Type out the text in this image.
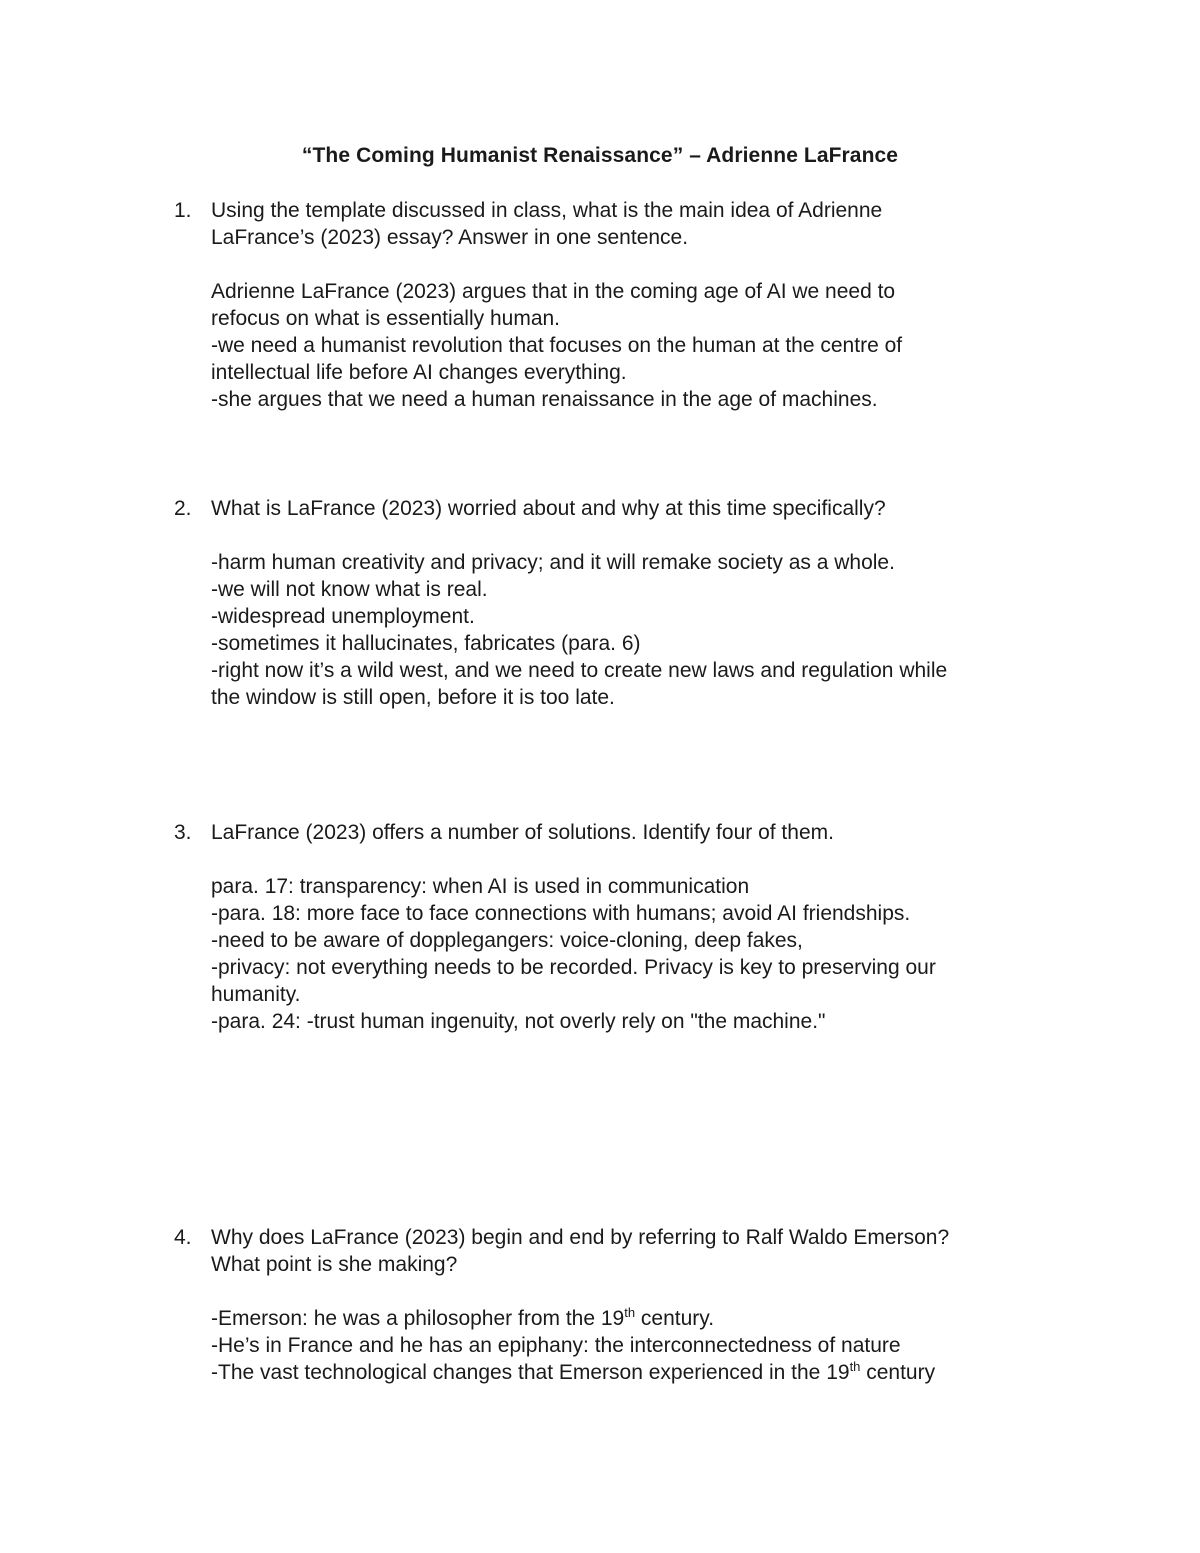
“The Coming Humanist Renaissance” – Adrienne LaFrance
1. Using the template discussed in class, what is the main idea of Adrienne
LaFrance’s (2023) essay? Answer in one sentence.
Adrienne LaFrance (2023) argues that in the coming age of AI we need to
refocus on what is essentially human.
-we need a humanist revolution that focuses on the human at the centre of
intellectual life before AI changes everything.
-she argues that we need a human renaissance in the age of machines.
2. What is LaFrance (2023) worried about and why at this time specifically?
-harm human creativity and privacy; and it will remake society as a whole.
-we will not know what is real.
-widespread unemployment.
-sometimes it hallucinates, fabricates (para. 6)
-right now it’s a wild west, and we need to create new laws and regulation while
the window is still open, before it is too late.
3. LaFrance (2023) offers a number of solutions. Identify four of them.
para. 17: transparency: when AI is used in communication
-para. 18: more face to face connections with humans; avoid AI friendships.
-need to be aware of dopplegangers: voice-cloning, deep fakes,
-privacy: not everything needs to be recorded. Privacy is key to preserving our
humanity.
-para. 24: -trust human ingenuity, not overly rely on "the machine."
4. Why does LaFrance (2023) begin and end by referring to Ralf Waldo Emerson?
What point is she making?
-Emerson: he was a philosopher from the 19th century.
-He’s in France and he has an epiphany: the interconnectedness of nature
-The vast technological changes that Emerson experienced in the 19th century
